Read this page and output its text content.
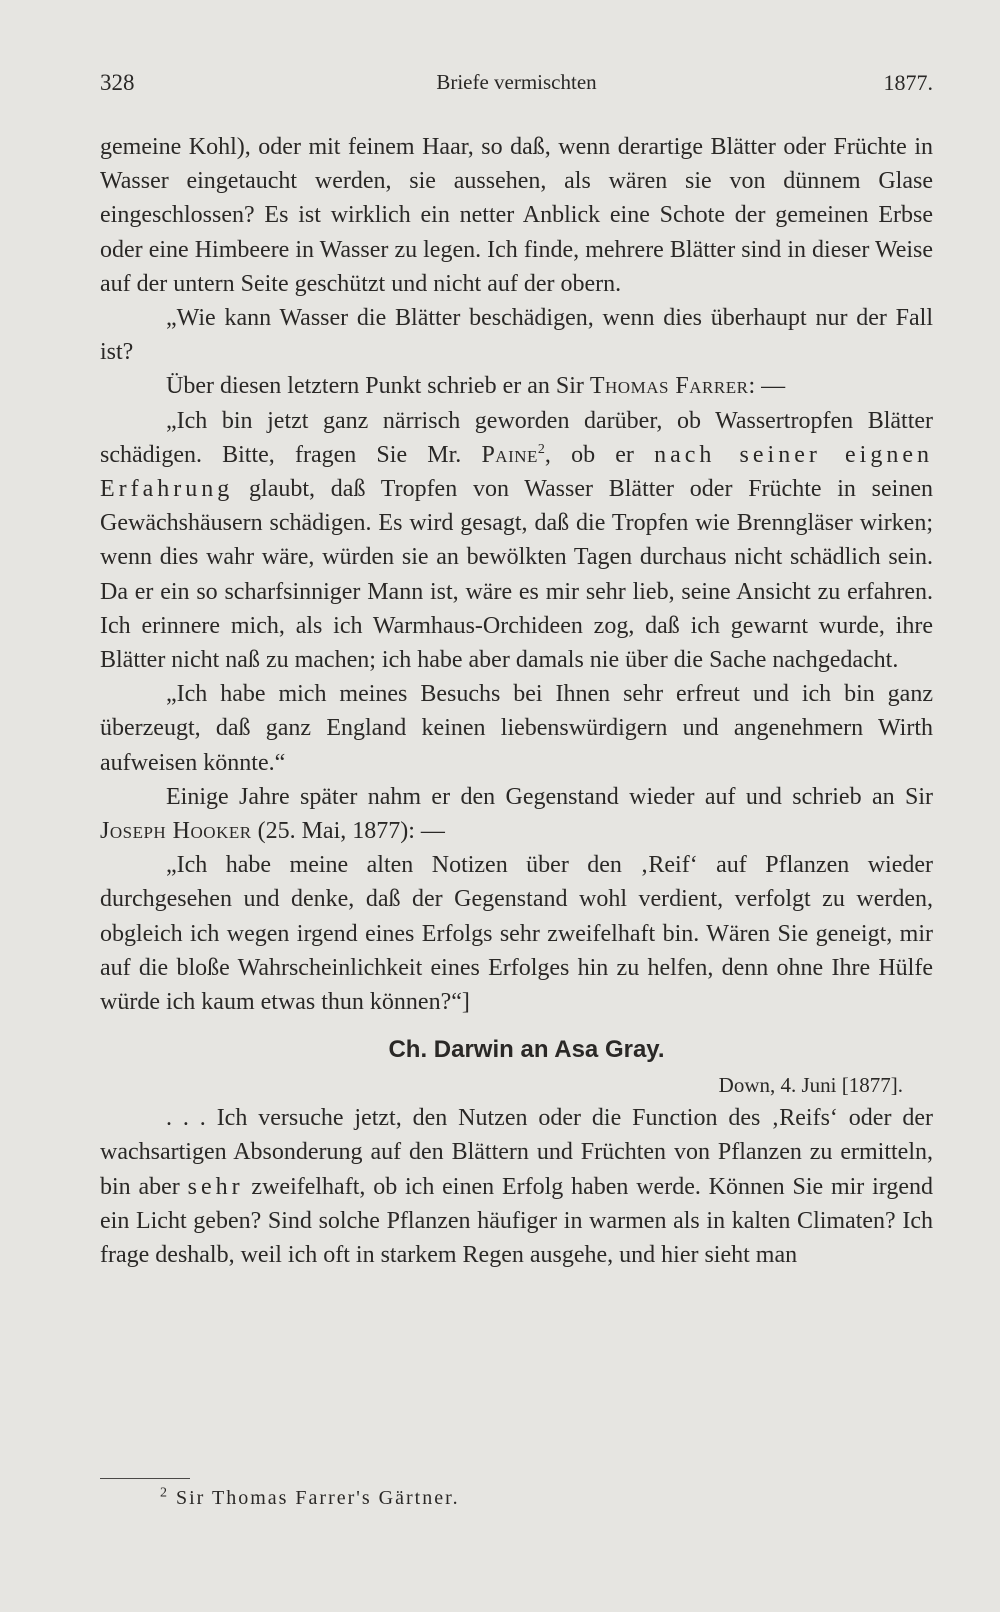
328	Briefe vermischten	1877.

gemeine Kohl), oder mit feinem Haar, so daß, wenn derartige Blätter oder Früchte in Wasser eingetaucht werden, sie aussehen, als wären sie von dünnem Glase eingeschlossen? Es ist wirklich ein netter Anblick eine Schote der gemeinen Erbse oder eine Himbeere in Wasser zu legen. Ich finde, mehrere Blätter sind in dieser Weise auf der untern Seite geschützt und nicht auf der obern.

„Wie kann Wasser die Blätter beschädigen, wenn dies überhaupt nur der Fall ist?

Über diesen letztern Punkt schrieb er an Sir Thomas Farrer: —

„Ich bin jetzt ganz närrisch geworden darüber, ob Wassertropfen Blätter schädigen. Bitte, fragen Sie Mr. Paine$^2$, ob er nach seiner eignen Erfahrung glaubt, daß Tropfen von Wasser Blätter oder Früchte in seinen Gewächshäusern schädigen. Es wird gesagt, daß die Tropfen wie Brenngläser wirken; wenn dies wahr wäre, würden sie an bewölkten Tagen durchaus nicht schädlich sein. Da er ein so scharfsinniger Mann ist, wäre es mir sehr lieb, seine Ansicht zu erfahren. Ich erinnere mich, als ich Warmhaus-Orchideen zog, daß ich gewarnt wurde, ihre Blätter nicht naß zu machen; ich habe aber damals nie über die Sache nachgedacht.

„Ich habe mich meines Besuchs bei Ihnen sehr erfreut und ich bin ganz überzeugt, daß ganz England keinen liebenswürdigern und angenehmern Wirth aufweisen könnte.“

Einige Jahre später nahm er den Gegenstand wieder auf und schrieb an Sir Joseph Hooker (25. Mai, 1877): —

„Ich habe meine alten Notizen über den ‚Reif‘ auf Pflanzen wieder durchgesehen und denke, daß der Gegenstand wohl verdient, verfolgt zu werden, obgleich ich wegen irgend eines Erfolgs sehr zweifelhaft bin. Wären Sie geneigt, mir auf die bloße Wahrscheinlichkeit eines Erfolges hin zu helfen, denn ohne Ihre Hülfe würde ich kaum etwas thun können?“]

Ch. Darwin an Asa Gray.
Down, 4. Juni [1877].

. . . Ich versuche jetzt, den Nutzen oder die Function des ‚Reifs‘ oder der wachsartigen Absonderung auf den Blättern und Früchten von Pflanzen zu ermitteln, bin aber sehr zweifelhaft, ob ich einen Erfolg haben werde. Können Sie mir irgend ein Licht geben? Sind solche Pflanzen häufiger in warmen als in kalten Climaten? Ich frage deshalb, weil ich oft in starkem Regen ausgehe, und hier sieht man

$^2$ Sir Thomas Farrer's Gärtner.
